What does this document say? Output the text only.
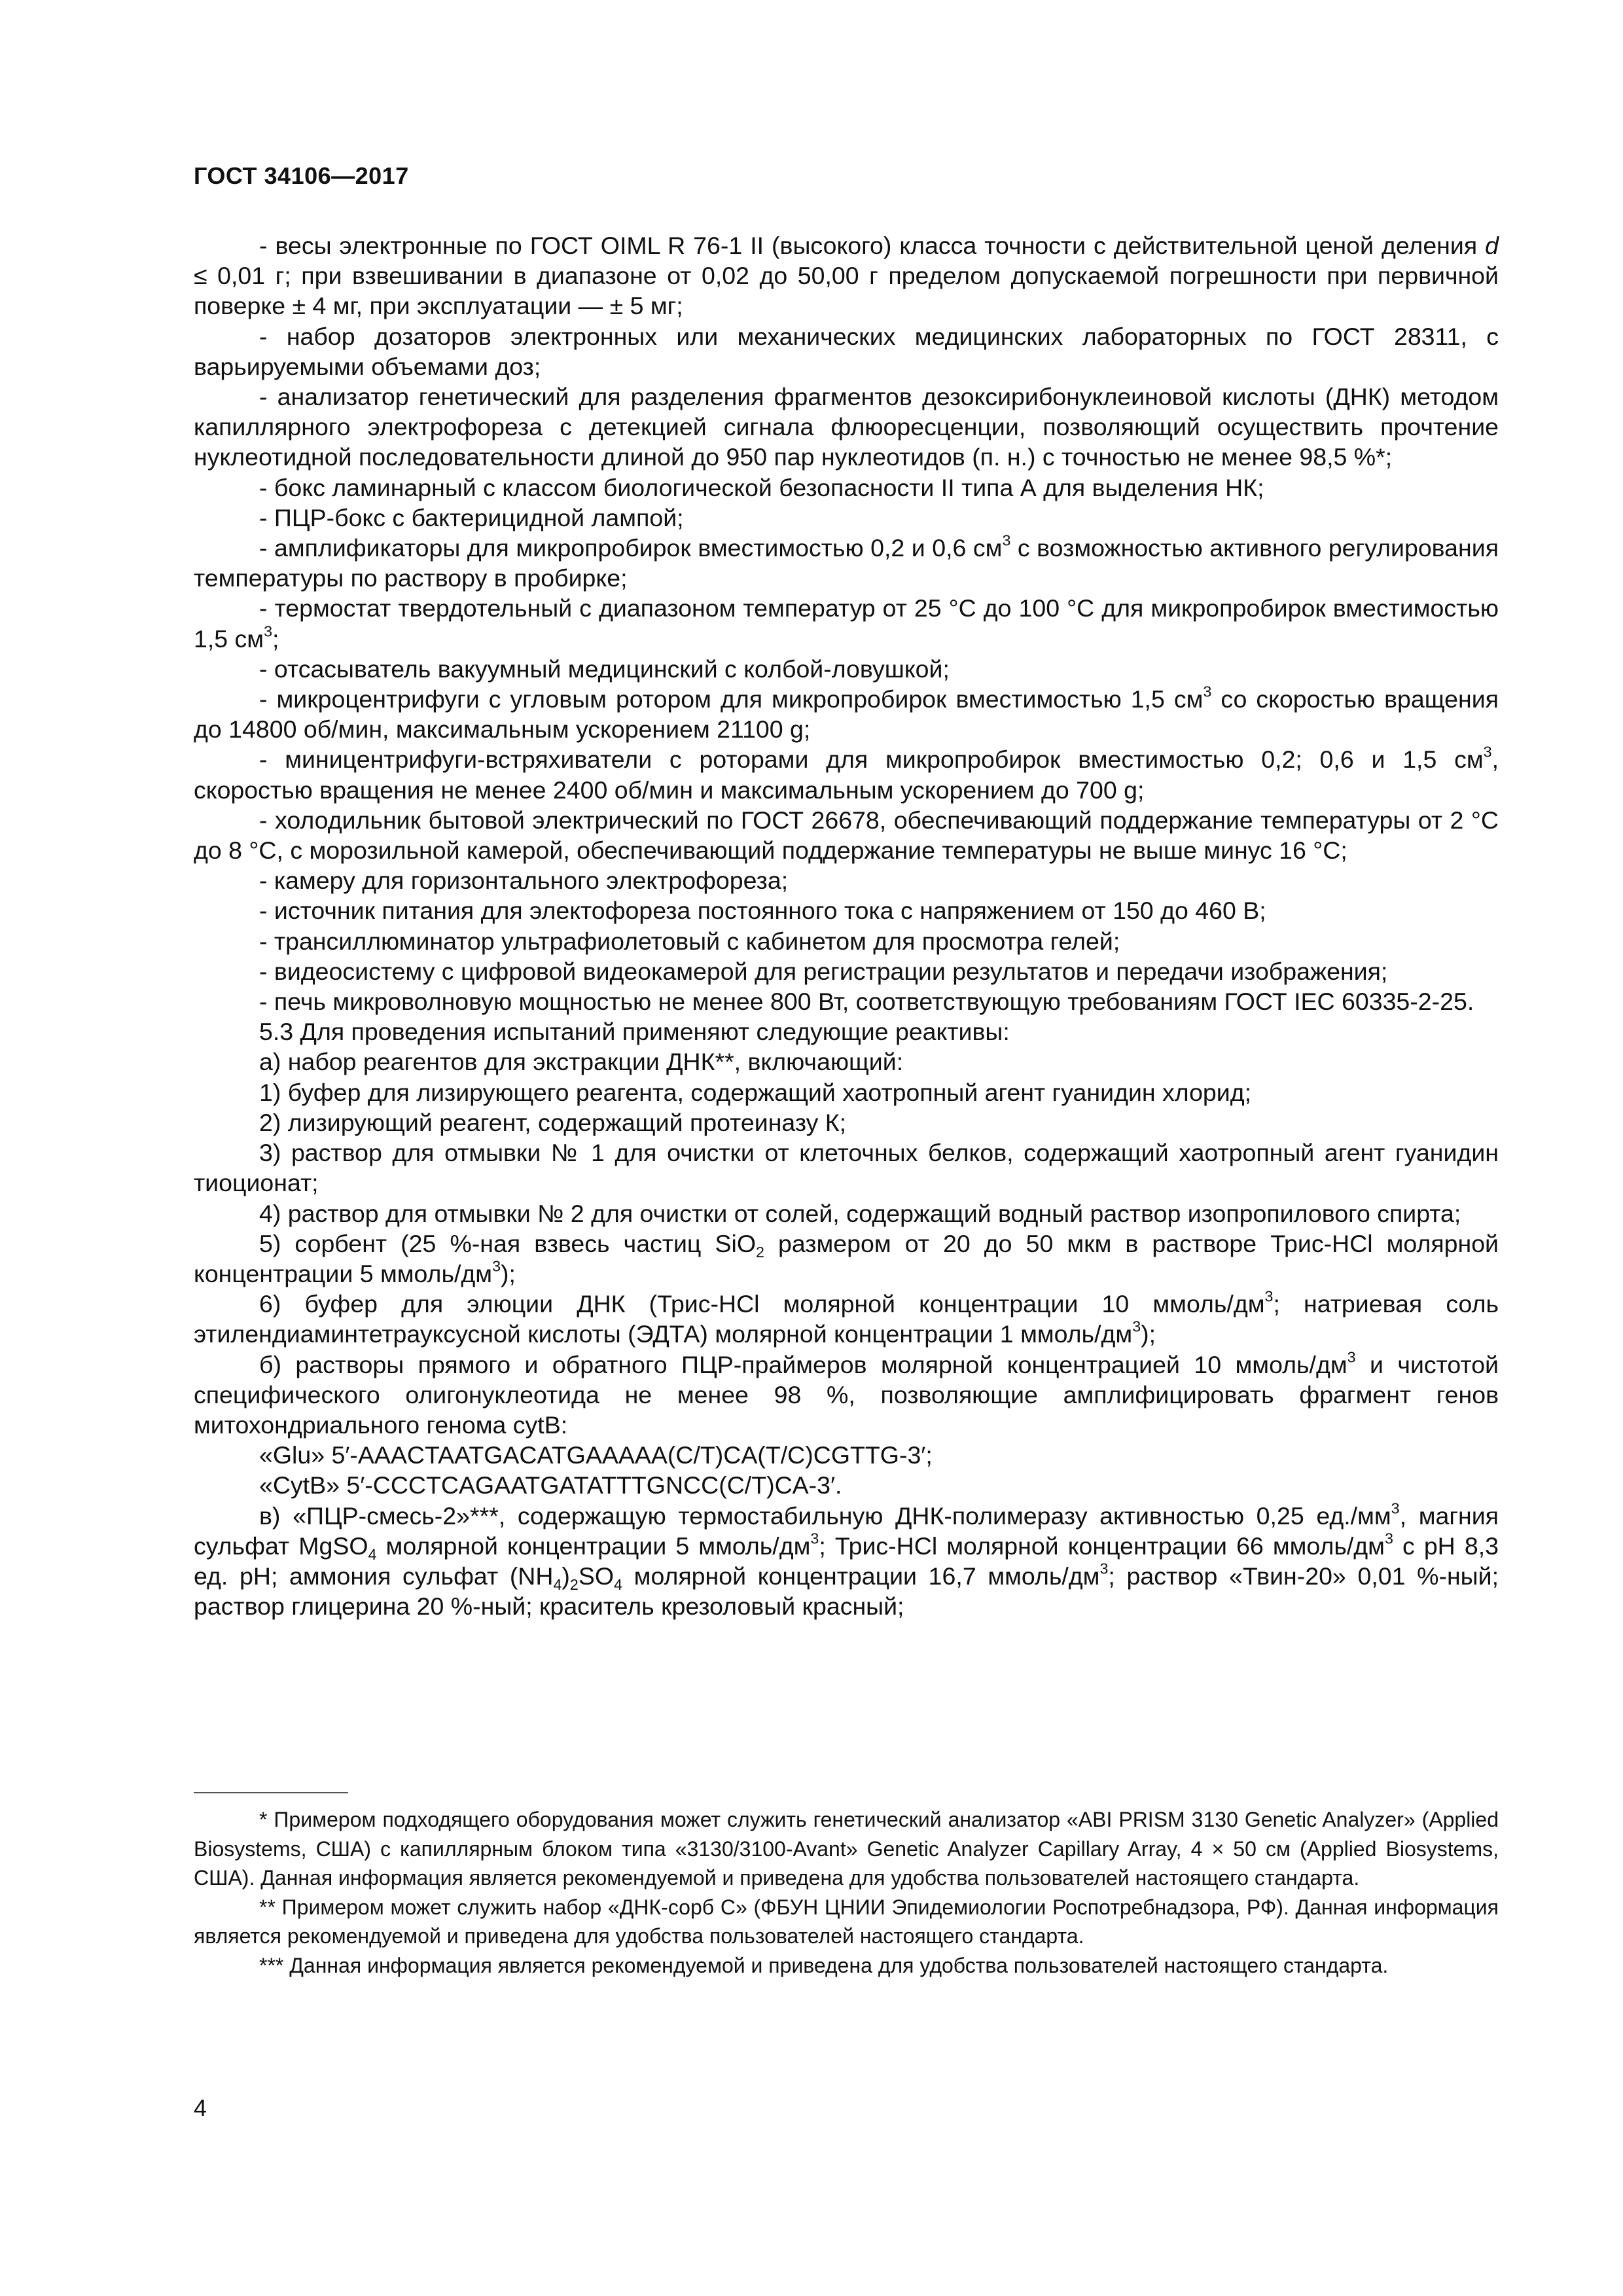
ГОСТ 34106—2017

- весы электронные по ГОСТ OIML R 76-1 II (высокого) класса точности с действительной ценой деления d ≤ 0,01 г; при взвешивании в диапазоне от 0,02 до 50,00 г пределом допускаемой погрешности при первичной поверке ± 4 мг, при эксплуатации — ± 5 мг;

- набор дозаторов электронных или механических медицинских лабораторных по ГОСТ 28311, с варьируемыми объемами доз;

- анализатор генетический для разделения фрагментов дезоксирибонуклеиновой кислоты (ДНК) методом капиллярного электрофореза с детекцией сигнала флюоресценции, позволяющий осуществить прочтение нуклеотидной последовательности длиной до 950 пар нуклеотидов (п. н.) с точностью не менее 98,5 %*;

- бокс ламинарный с классом биологической безопасности II типа А для выделения НК;

- ПЦР-бокс с бактерицидной лампой;

- амплификаторы для микропробирок вместимостью 0,2 и 0,6 $см^3$ с возможностью активного регулирования температуры по раствору в пробирке;

- термостат твердотельный с диапазоном температур от 25 °С до 100 °С для микропробирок вместимостью 1,5 $см^3$;

- отсасыватель вакуумный медицинский с колбой-ловушкой;

- микроцентрифуги с угловым ротором для микропробирок вместимостью 1,5 $см^3$ со скоростью вращения до 14800 об/мин, максимальным ускорением 21100 g;

- миницентрифуги-встряхиватели с роторами для микропробирок вместимостью 0,2; 0,6 и 1,5 $см^3$, скоростью вращения не менее 2400 об/мин и максимальным ускорением до 700 g;

- холодильник бытовой электрический по ГОСТ 26678, обеспечивающий поддержание температуры от 2 °С до 8 °С, с морозильной камерой, обеспечивающий поддержание температуры не выше минус 16 °С;

- камеру для горизонтального электрофореза;

- источник питания для электофореза постоянного тока с напряжением от 150 до 460 В;

- трансиллюминатор ультрафиолетовый с кабинетом для просмотра гелей;

- видеосистему с цифровой видеокамерой для регистрации результатов и передачи изображения;

- печь микроволновую мощностью не менее 800 Вт, соответствующую требованиям ГОСТ IEC 60335-2-25.

5.3 Для проведения испытаний применяют следующие реактивы:

а) набор реагентов для экстракции ДНК**, включающий:

1) буфер для лизирующего реагента, содержащий хаотропный агент гуанидин хлорид;

2) лизирующий реагент, содержащий протеиназу К;

3) раствор для отмывки № 1 для очистки от клеточных белков, содержащий хаотропный агент гуанидин тиоционат;

4) раствор для отмывки № 2 для очистки от солей, содержащий водный раствор изопропилового спирта;

5) сорбент (25 %-ная взвесь частиц SiO$_2$ размером от 20 до 50 мкм в растворе Трис-HCl молярной концентрации 5 ммоль/$дм^3$);

6) буфер для элюции ДНК (Трис-HCl молярной концентрации 10 ммоль/$дм^3$; натриевая соль этилендиаминтетрауксусной кислоты (ЭДТА) молярной концентрации 1 ммоль/$дм^3$);

б) растворы прямого и обратного ПЦР-праймеров молярной концентрацией 10 ммоль/$дм^3$ и чистотой специфического олигонуклеотида не менее 98 %, позволяющие амплифицировать фрагмент генов митохондриального генома cytB:

«Glu» 5′-AAACTAATGACATGAAAAA(C/T)CA(T/C)CGTTG-3′;

«CytB» 5′-CCCTCAGAATGATATTTGNCC(C/T)CA-3′.

в) «ПЦР-смесь-2»***, содержащую термостабильную ДНК-полимеразу активностью 0,25 $ед./мм^3$, магния сульфат MgSO$_4$ молярной концентрации 5 ммоль/$дм^3$; Трис-HCl молярной концентрации 66 ммоль/$дм^3$ с pH 8,3 ед. pH; аммония сульфат $(NH_4)_2SO_4$ молярной концентрации 16,7 ммоль/$дм^3$; раствор «Твин-20» 0,01 %-ный; раствор глицерина 20 %-ный; краситель крезоловый красный;

* Примером подходящего оборудования может служить генетический анализатор «ABI PRISM 3130 Genetic Analyzer» (Applied Biosystems, США) с капиллярным блоком типа «3130/3100-Avant» Genetic Analyzer Capillary Array, 4 × 50 см (Applied Biosystems, США). Данная информация является рекомендуемой и приведена для удобства пользователей настоящего стандарта.

** Примером может служить набор «ДНК-сорб С» (ФБУН ЦНИИ Эпидемиологии Роспотребнадзора, РФ). Данная информация является рекомендуемой и приведена для удобства пользователей настоящего стандарта.

*** Данная информация является рекомендуемой и приведена для удобства пользователей настоящего стандарта.

4
